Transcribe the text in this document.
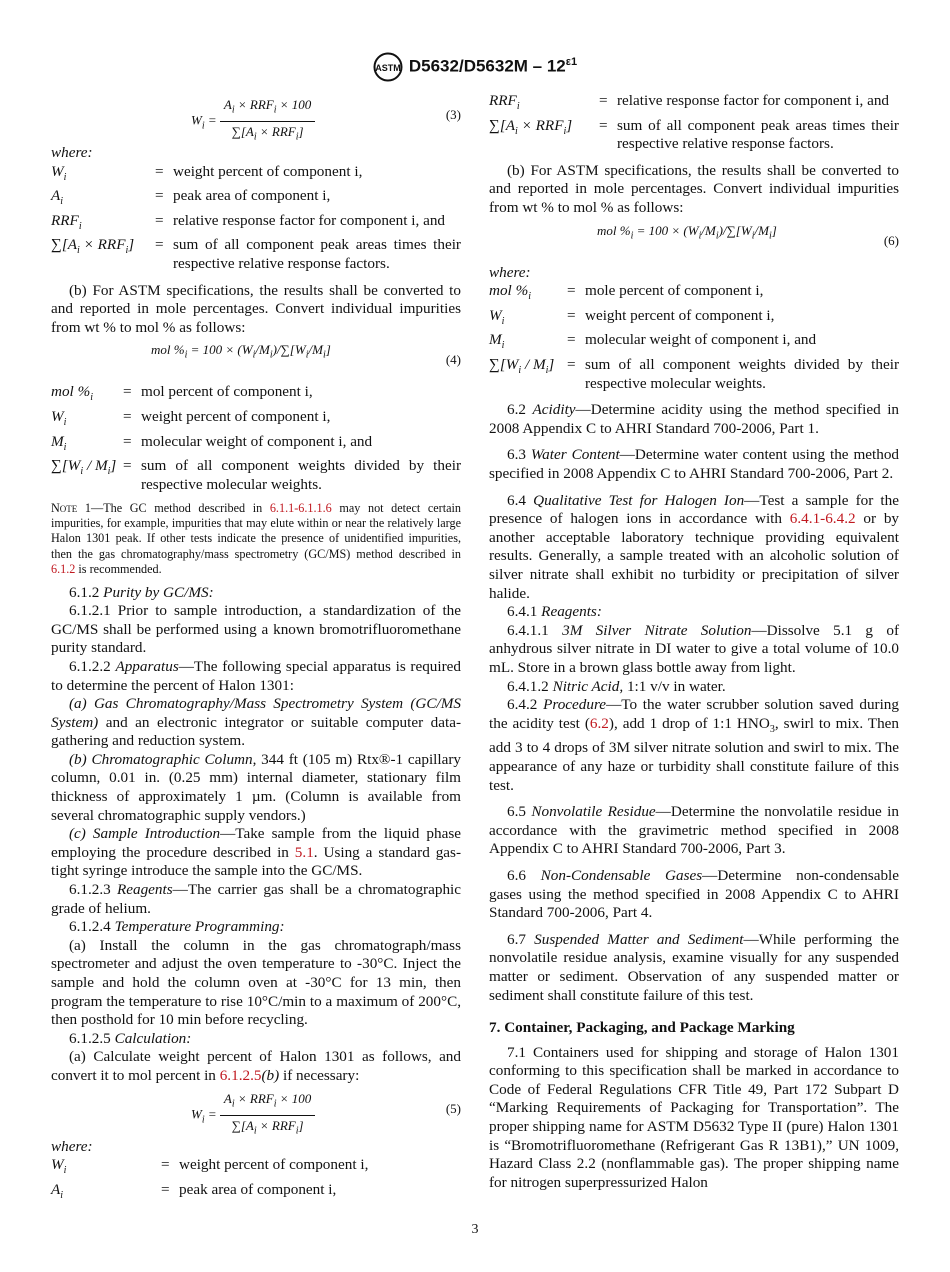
ASTM $D5632/D5632M - 12^{\varepsilon 1}$
$W_i = \frac{A_i \times RRF_i \times 100}{\sum[A_i \times RRF_i]}$	(3)
where:
$W_i$	=	weight percent of component i,
$A_i$	=	peak area of component i,
$RRF_i$	=	relative response factor for component i, and
$\sum[A_i \times RRF_i]$	=	sum of all component peak areas times their respective relative response factors.

(b) For ASTM specifications, the results shall be converted to and reported in mole percentages. Convert individual impurities from wt % to mol % as follows:

mol $\%_i = 100 \times (W_i/M_i)/\sum[W_i/M_i]$
(4)
mol $\%_i$	=	mol percent of component i,
$W_i$	=	weight percent of component i,
$M_i$	=	molecular weight of component i, and
$\sum[W_i / M_i]$	=	sum of all component weights divided by their respective molecular weights.
Note 1—The GC method described in 6.1.1-6.1.1.6 may not detect certain impurities, for example, impurities that may elute within or near the relatively large Halon 1301 peak. If other tests indicate the presence of unidentified impurities, then the gas chromatography/mass spectrometry (GC/MS) method described in 6.1.2 is recommended.

6.1.2 Purity by GC/MS:

6.1.2.1 Prior to sample introduction, a standardization of the GC/MS shall be performed using a known bromotrifluoromethane purity standard.

6.1.2.2 Apparatus—The following special apparatus is required to determine the percent of Halon 1301:

(a) Gas Chromatography/Mass Spectrometry System (GC/MS System) and an electronic integrator or suitable computer data-gathering and reduction system.

(b) Chromatographic Column, 344 ft (105 m) Rtx®-1 capillary column, 0.01 in. (0.25 mm) internal diameter, stationary film thickness of approximately 1 µm. (Column is available from several chromatographic supply vendors.)

(c) Sample Introduction—Take sample from the liquid phase employing the procedure described in 5.1. Using a standard gas-tight syringe introduce the sample into the GC/MS.

6.1.2.3 Reagents—The carrier gas shall be a chromatographic grade of helium.

6.1.2.4 Temperature Programming:

(a) Install the column in the gas chromatograph/mass spectrometer and adjust the oven temperature to -30°C. Inject the sample and hold the column oven at -30°C for 13 min, then program the temperature to rise 10°C/min to a maximum of 200°C, then posthold for 10 min before recycling.

6.1.2.5 Calculation:

(a) Calculate weight percent of Halon 1301 as follows, and convert it to mol percent in 6.1.2.5(b) if necessary:

$W_i = \frac{A_i \times RRF_i \times 100}{\sum[A_i \times RRF_i]}$	(5)
where:
$W_i$	=	weight percent of component i,
$A_i$	=	peak area of component i,
$RRF_i$	=	relative response factor for component i, and
$\sum[A_i \times RRF_i]$	=	sum of all component peak areas times their respective relative response factors.

(b) For ASTM specifications, the results shall be converted to and reported in mole percentages. Convert individual impurities from wt % to mol % as follows:

mol $\%_i = 100 \times (W_i/M_i)/\sum[W_i/M_i]$
(6)
where:
mol $\%_i$	=	mole percent of component i,
$W_i$	=	weight percent of component i,
$M_i$	=	molecular weight of component i, and
$\sum[W_i / M_i]$	=	sum of all component weights divided by their respective molecular weights.

6.2 Acidity—Determine acidity using the method specified in 2008 Appendix C to AHRI Standard 700-2006, Part 1.

6.3 Water Content—Determine water content using the method specified in 2008 Appendix C to AHRI Standard 700-2006, Part 2.

6.4 Qualitative Test for Halogen Ion—Test a sample for the presence of halogen ions in accordance with 6.4.1-6.4.2 or by another acceptable laboratory technique providing equivalent results. Generally, a sample treated with an alcoholic solution of silver nitrate shall exhibit no turbidity or precipitation of silver halide.

6.4.1 Reagents:

6.4.1.1 3M Silver Nitrate Solution—Dissolve 5.1 g of anhydrous silver nitrate in DI water to give a total volume of 10.0 mL. Store in a brown glass bottle away from light.

6.4.1.2 Nitric Acid, 1:1 v/v in water.

6.4.2 Procedure—To the water scrubber solution saved during the acidity test (6.2), add 1 drop of 1:1 $HNO_3$, swirl to mix. Then add 3 to 4 drops of 3M silver nitrate solution and swirl to mix. The appearance of any haze or turbidity shall constitute failure of this test.

6.5 Nonvolatile Residue—Determine the nonvolatile residue in accordance with the gravimetric method specified in 2008 Appendix C to AHRI Standard 700-2006, Part 3.

6.6 Non-Condensable Gases—Determine non-condensable gases using the method specified in 2008 Appendix C to AHRI Standard 700-2006, Part 4.

6.7 Suspended Matter and Sediment—While performing the nonvolatile residue analysis, examine visually for any suspended matter or sediment. Observation of any suspended matter or sediment shall constitute failure of this test.

7. Container, Packaging, and Package Marking

7.1 Containers used for shipping and storage of Halon 1301 conforming to this specification shall be marked in accordance to Code of Federal Regulations CFR Title 49, Part 172 Subpart D “Marking Requirements of Packaging for Transportation”. The proper shipping name for ASTM D5632 Type II (pure) Halon 1301 is “Bromotrifluoromethane (Refrigerant Gas R 13B1),” UN 1009, Hazard Class 2.2 (nonflammable gas). The proper shipping name for nitrogen superpressurized Halon

3
